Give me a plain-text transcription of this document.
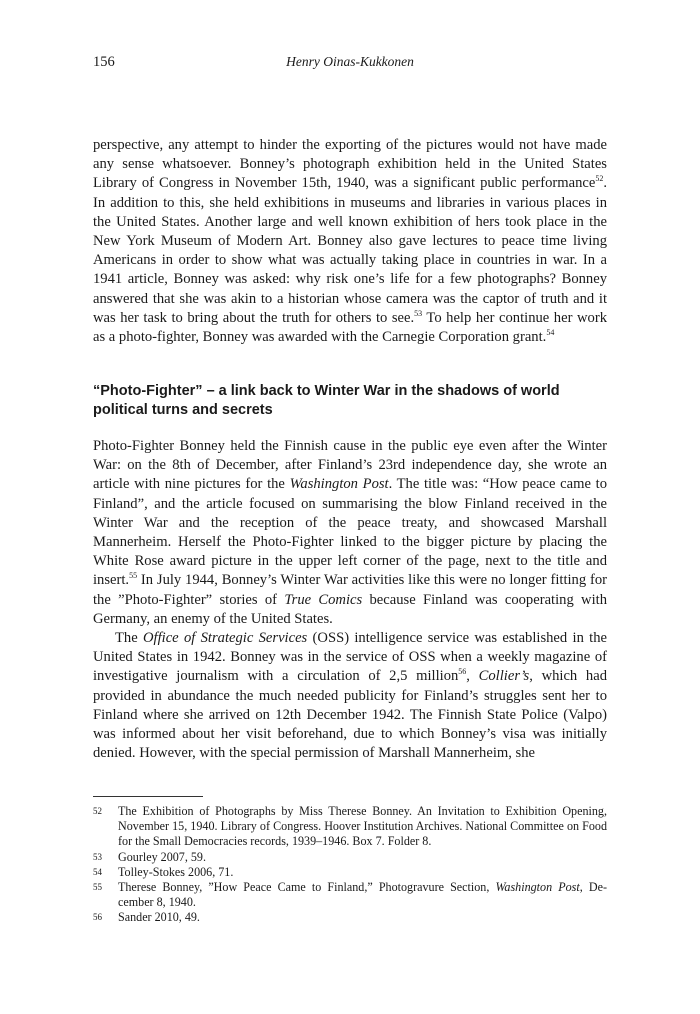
156	Henry Oinas-Kukkonen

perspective, any attempt to hinder the exporting of the pictures would not have made any sense whatsoever. Bonney’s photograph exhibition held in the United States Library of Congress in November 15th, 1940, was a significant public performance$^{52}$. In addition to this, she held exhibitions in museums and libraries in various places in the United States. Another large and well known exhibition of hers took place in the New York Museum of Modern Art. Bonney also gave lectures to peace time living Americans in order to show what was actually taking place in countries in war. In a 1941 article, Bonney was asked: why risk one’s life for a few photographs? Bonney answered that she was akin to a historian whose camera was the captor of truth and it was her task to bring about the truth for others to see.$^{53}$ To help her continue her work as a photo-fighter, Bonney was awarded with the Carnegie Corporation grant.$^{54}$

“Photo-Fighter” – a link back to Winter War in the shadows of world political turns and secrets

Photo-Fighter Bonney held the Finnish cause in the public eye even after the Winter War: on the 8th of December, after Finland’s 23rd independence day, she wrote an article with nine pictures for the Washington Post. The title was: “How peace came to Finland”, and the article focused on summarising the blow Finland received in the Winter War and the reception of the peace treaty, and showcased Marshall Mannerheim. Herself the Photo-Fighter linked to the bigger picture by placing the White Rose award picture in the upper left corner of the page, next to the title and insert.$^{55}$ In July 1944, Bonney’s Winter War activities like this were no longer fitting for the ”Photo-Fighter” stories of True Comics because Finland was cooperating with Germany, an enemy of the United States.

The Office of Strategic Services (OSS) intelligence service was established in the United States in 1942. Bonney was in the service of OSS when a weekly magazine of investigative journalism with a circulation of 2,5 million$^{56}$, Collier’s, which had provided in abundance the much needed publicity for Finland’s struggles sent her to Finland where she arrived on 12th December 1942. The Finnish State Police (Valpo) was informed about her visit beforehand, due to which Bonney’s visa was initially denied. However, with the special permission of Marshall Mannerheim, she

52 The Exhibition of Photographs by Miss Therese Bonney. An Invitation to Exhibition Opening, November 15, 1940. Library of Congress. Hoover Institution Archives. National Committee on Food for the Small Democracies records, 1939–1946. Box 7. Folder 8.

53 Gourley 2007, 59.

54 Tolley-Stokes 2006, 71.

55 Therese Bonney, ”How Peace Came to Finland,” Photogravure Section, Washington Post, De-cember 8, 1940.

56 Sander 2010, 49.
